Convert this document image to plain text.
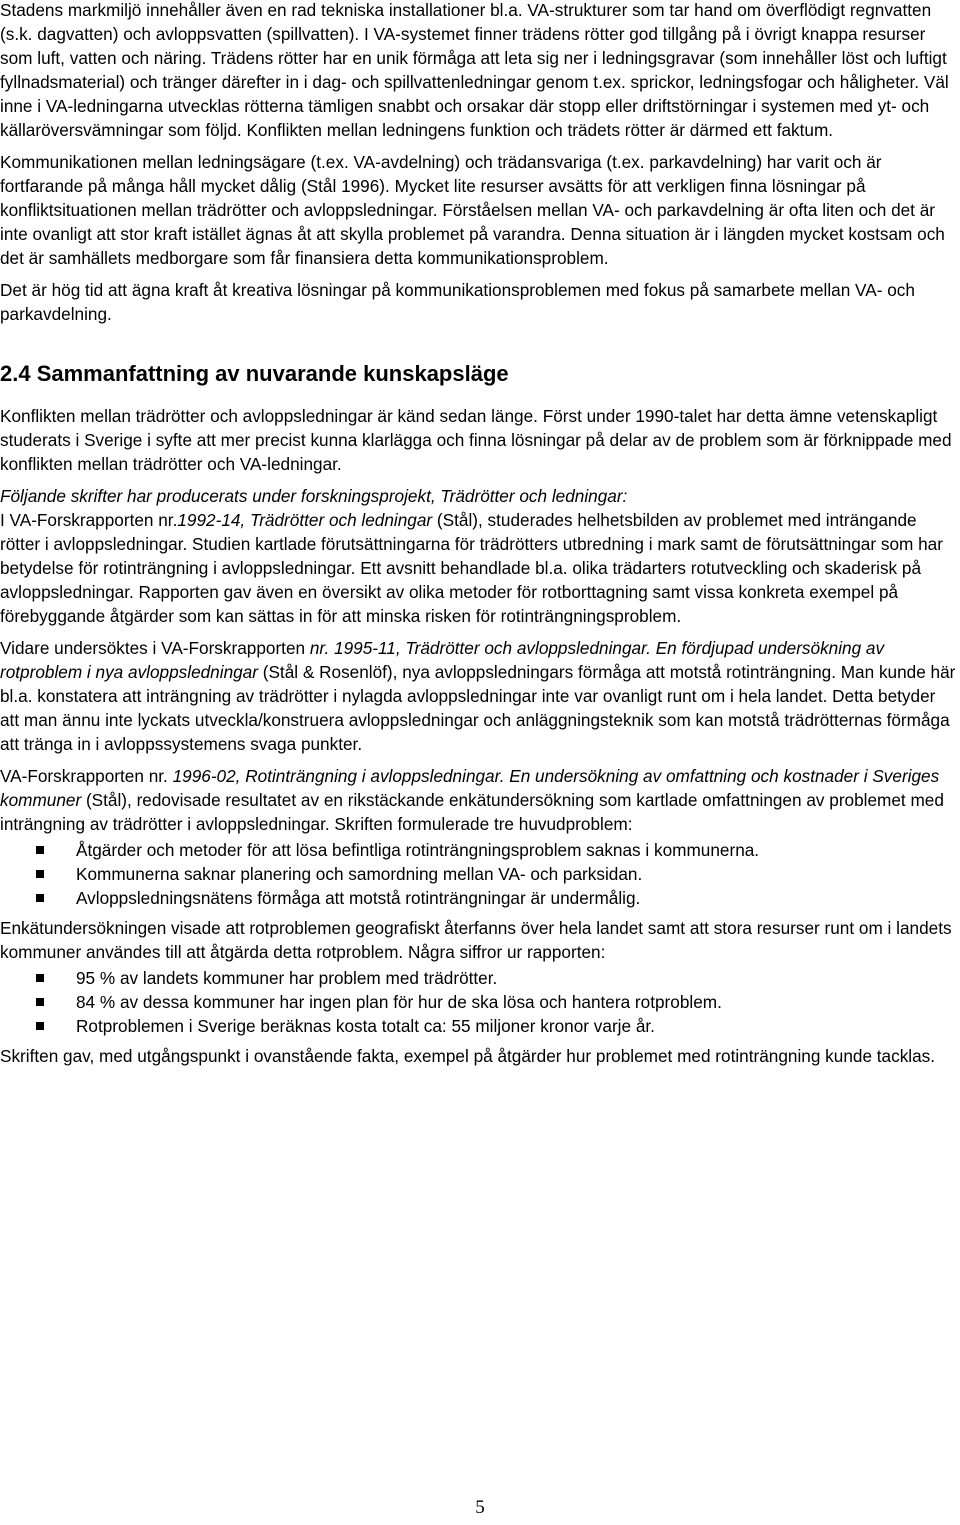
Stadens markmiljö innehåller även en rad tekniska installationer bl.a. VA-strukturer som tar hand om överflödigt regnvatten (s.k. dagvatten) och avloppsvatten (spillvatten). I VA-systemet finner trädens rötter god tillgång på i övrigt knappa resurser som luft, vatten och näring. Trädens rötter har en unik förmåga att leta sig ner i ledningsgravar (som innehåller löst och luftigt fyllnadsmaterial) och tränger därefter in i dag- och spillvattenledningar genom t.ex. sprickor, ledningsfogar och håligheter. Väl inne i VA-ledningarna utvecklas rötterna tämligen snabbt och orsakar där stopp eller driftstörningar i systemen med yt- och källaröversvämningar som följd. Konflikten mellan ledningens funktion och trädets rötter är därmed ett faktum.

Kommunikationen mellan ledningsägare (t.ex. VA-avdelning) och trädansvariga (t.ex. parkavdelning) har varit och är fortfarande på många håll mycket dålig (Stål 1996). Mycket lite resurser avsätts för att verkligen finna lösningar på konfliktsituationen mellan trädrötter och avloppsledningar. Förståelsen mellan VA- och parkavdelning är ofta liten och det är inte ovanligt att stor kraft istället ägnas åt att skylla problemet på varandra. Denna situation är i längden mycket kostsam och det är samhällets medborgare som får finansiera detta kommunikationsproblem.

Det är hög tid att ägna kraft åt kreativa lösningar på kommunikationsproblemen med fokus på samarbete mellan VA- och parkavdelning.

2.4 Sammanfattning av nuvarande kunskapsläge

Konflikten mellan trädrötter och avloppsledningar är känd sedan länge. Först under 1990-talet har detta ämne vetenskapligt studerats i Sverige i syfte att mer precist kunna klarlägga och finna lösningar på delar av de problem som är förknippade med konflikten mellan trädrötter och VA-ledningar.

Följande skrifter har producerats under forskningsprojekt, Trädrötter och ledningar:

I VA-Forskrapporten nr.1992-14, Trädrötter och ledningar (Stål), studerades helhetsbilden av problemet med inträngande rötter i avloppsledningar. Studien kartlade förutsättningarna för trädrötters utbredning i mark samt de förutsättningar som har betydelse för rotinträngning i avloppsledningar. Ett avsnitt behandlade bl.a. olika trädarters rotutveckling och skaderisk på avloppsledningar. Rapporten gav även en översikt av olika metoder för rotborttagning samt vissa konkreta exempel på förebyggande åtgärder som kan sättas in för att minska risken för rotinträngningsproblem.

Vidare undersöktes i VA-Forskrapporten nr. 1995-11, Trädrötter och avloppsledningar. En fördjupad undersökning av rotproblem i nya avloppsledningar (Stål & Rosenlöf), nya avloppsledningars förmåga att motstå rotinträngning. Man kunde här bl.a. konstatera att inträngning av trädrötter i nylagda avloppsledningar inte var ovanligt runt om i hela landet. Detta betyder att man ännu inte lyckats utveckla/konstruera avloppsledningar och anläggningsteknik som kan motstå trädrötternas förmåga att tränga in i avloppssystemens svaga punkter.

VA-Forskrapporten nr. 1996-02, Rotinträngning i avloppsledningar. En undersökning av omfattning och kostnader i Sveriges kommuner (Stål), redovisade resultatet av en rikstäckande enkätundersökning som kartlade omfattningen av problemet med inträngning av trädrötter i avloppsledningar. Skriften formulerade tre huvudproblem:

Åtgärder och metoder för att lösa befintliga rotinträngningsproblem saknas i kommunerna.
Kommunerna saknar planering och samordning mellan VA- och parksidan.
Avloppsledningsnätens förmåga att motstå rotinträngningar är undermålig.

Enkätundersökningen visade att rotproblemen geografiskt återfanns över hela landet samt att stora resurser runt om i landets kommuner användes till att åtgärda detta rotproblem. Några siffror ur rapporten:

95 % av landets kommuner har problem med trädrötter.
84 % av dessa kommuner har ingen plan för hur de ska lösa och hantera rotproblem.
Rotproblemen i Sverige beräknas kosta totalt ca: 55 miljoner kronor varje år.

Skriften gav, med utgångspunkt i ovanstående fakta, exempel på åtgärder hur problemet med rotinträngning kunde tacklas.

5
